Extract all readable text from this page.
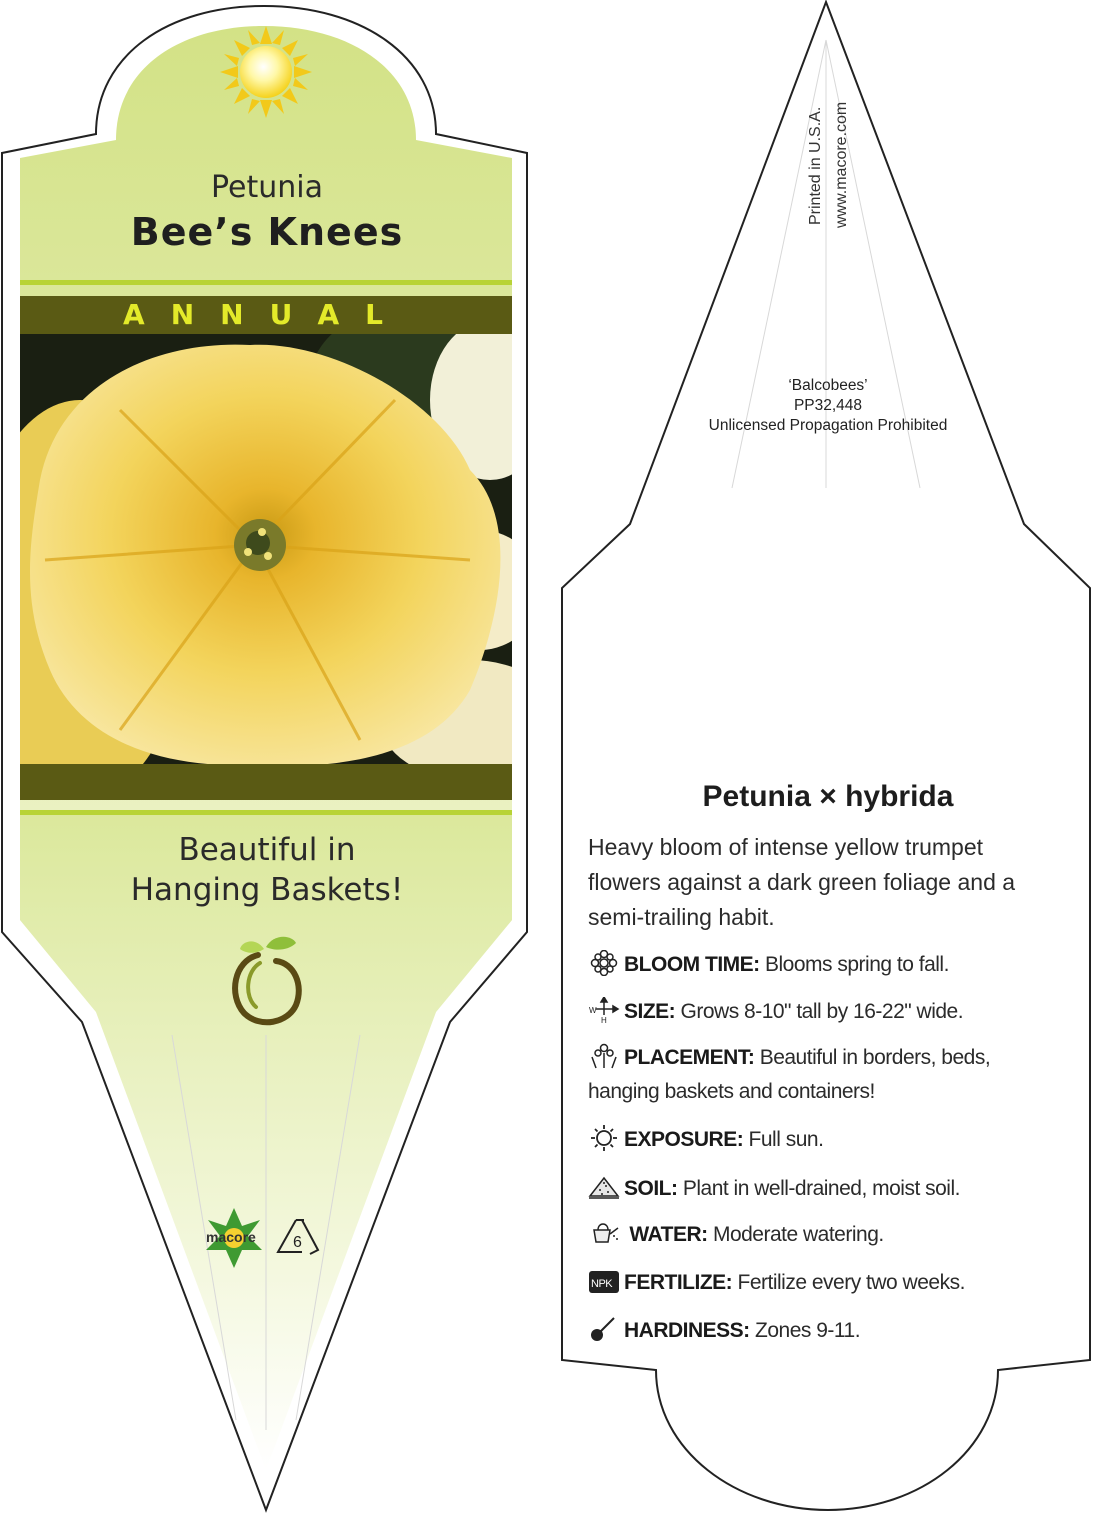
Petunia
Bee’s Knees
ANNUAL
Beautiful in
Hanging Baskets!
macore 6
Printed in U.S.A. www.macore.com
‘Balcobees’
PP32,448
Unlicensed Propagation Prohibited
Petunia × hybrida
Heavy bloom of intense yellow trumpet flowers against a dark green foliage and a semi-trailing habit.
BLOOM TIME: Blooms spring to fall.
W
H SIZE: Grows 8-10" tall by 16-22" wide.
PLACEMENT: Beautiful in borders, beds, hanging baskets and containers!
EXPOSURE: Full sun.
SOIL: Plant in well-drained, moist soil.
WATER: Moderate watering.
NPK FERTILIZE: Fertilize every two weeks.
HARDINESS: Zones 9-11.
